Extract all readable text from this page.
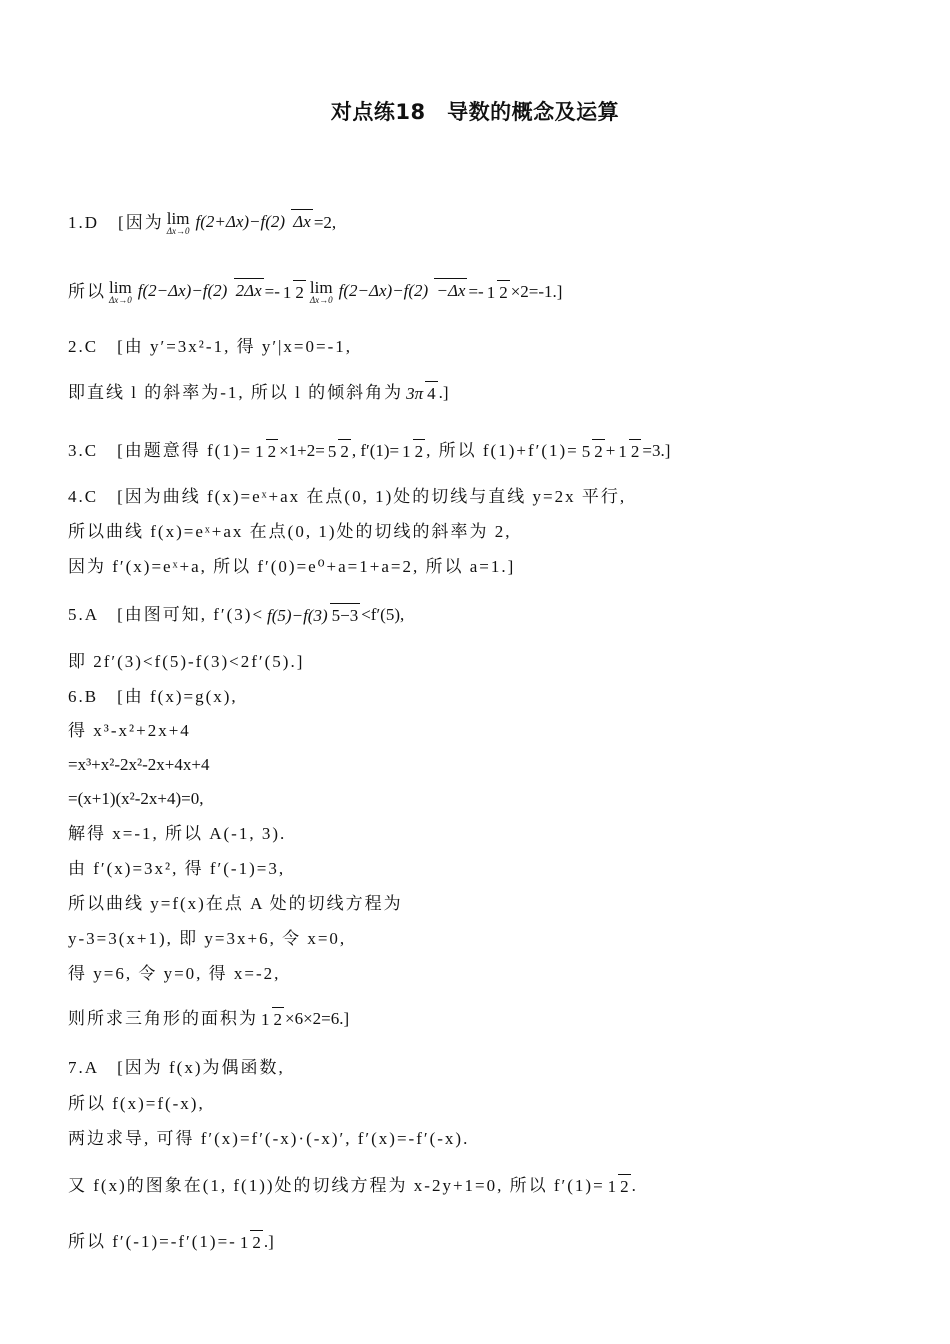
对点练18　导数的概念及运算
1.D　[因为 lim
Δx→0
f(2+Δx)−f(2) Δx =2,
所以 lim
Δx→0
f(2−Δx)−f(2) 2Δx =- 1 2 lim
Δx→0
f(2−Δx)−f(2) −Δx =- 1 2 ×2=-1.]
2.C　[由 y′=3x²-1, 得 y′|x=0=-1,
即直线 l 的斜率为-1, 所以 l 的倾斜角为 3π 4 .]
3.C　[由题意得 f(1)= 1 2 ×1+2= 5 2 , f′(1)= 1 2 , 所以 f(1)+f′(1)= 5 2 + 1 2 =3.]
4.C　[因为曲线 f(x)=eˣ+ax 在点(0, 1)处的切线与直线 y=2x 平行,
所以曲线 f(x)=eˣ+ax 在点(0, 1)处的切线的斜率为 2,
因为 f′(x)=eˣ+a, 所以 f′(0)=e⁰+a=1+a=2, 所以 a=1.]
5.A　[由图可知, f′(3)< f(5)−f(3) 5−3 <f′(5),
即 2f′(3)<f(5)-f(3)<2f′(5).]
6.B　[由 f(x)=g(x),
得 x³-x²+2x+4
=x³+x²-2x²-2x+4x+4
=(x+1)(x²-2x+4)=0,
解得 x=-1, 所以 A(-1, 3).
由 f′(x)=3x², 得 f′(-1)=3,
所以曲线 y=f(x)在点 A 处的切线方程为
y-3=3(x+1), 即 y=3x+6, 令 x=0,
得 y=6, 令 y=0, 得 x=-2,
则所求三角形的面积为 1 2 ×6×2=6.]
7.A　[因为 f(x)为偶函数,
所以 f(x)=f(-x),
两边求导, 可得 f′(x)=f′(-x)·(-x)′, f′(x)=-f′(-x).
又 f(x)的图象在(1, f(1))处的切线方程为 x-2y+1=0, 所以 f′(1)= 1 2 .
所以 f′(-1)=-f′(1)=- 1 2 .]
